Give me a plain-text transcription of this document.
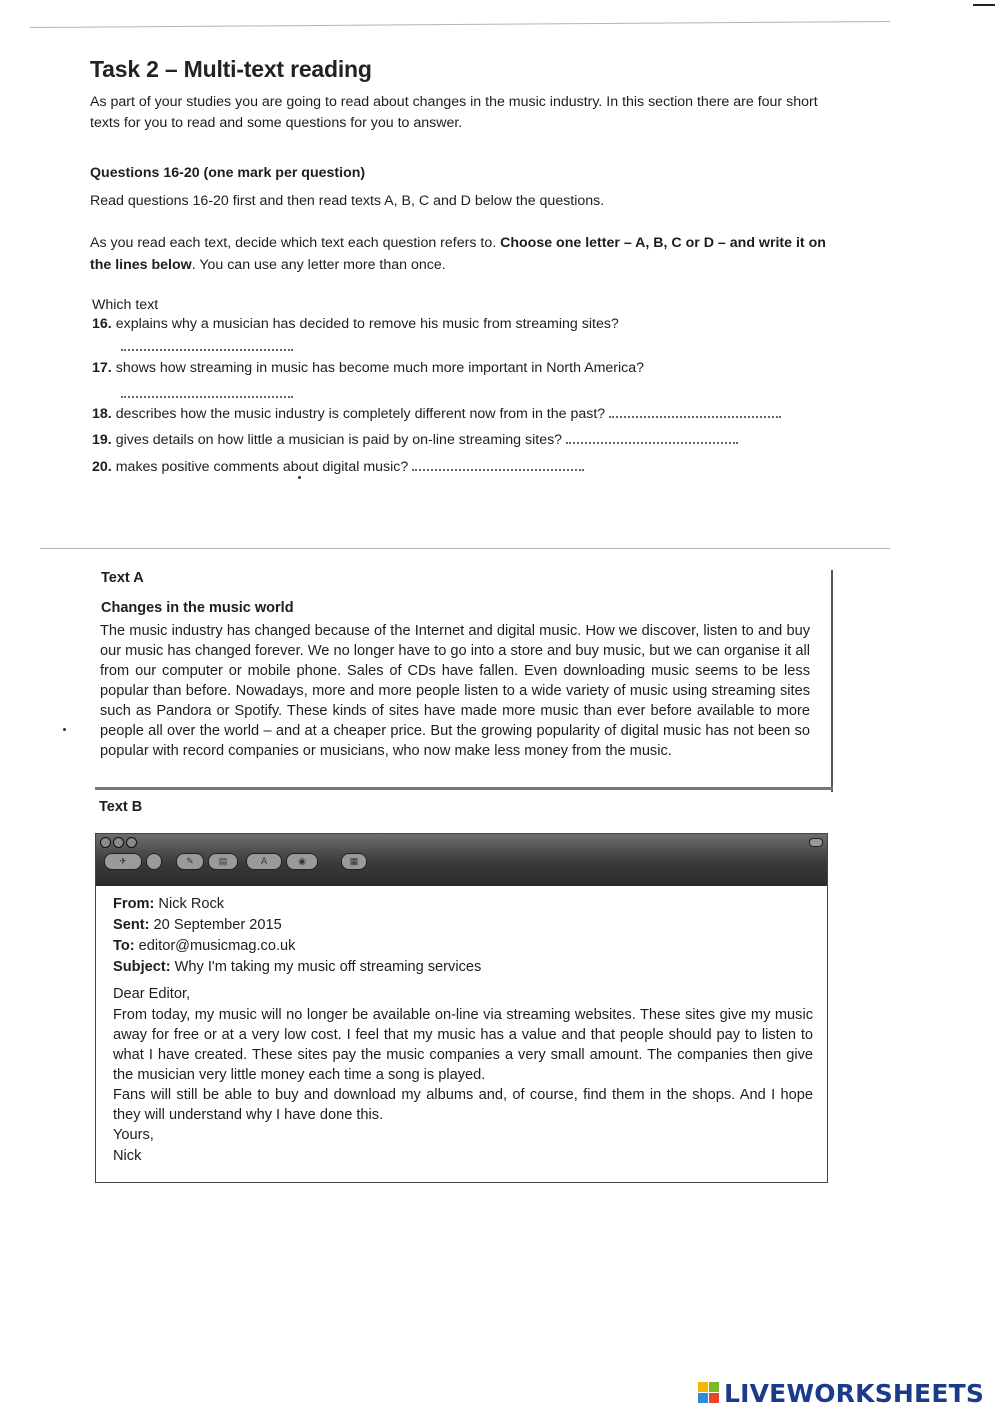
Task 2 – Multi-text reading
As part of your studies you are going to read about changes in the music industry. In this section there are four short texts for you to read and some questions for you to answer.
Questions 16-20 (one mark per question)
Read questions 16-20 first and then read texts A, B, C and D below the questions.
As you read each text, decide which text each question refers to. Choose one letter – A, B, C or D – and write it on the lines below. You can use any letter more than once.
Which text
16. explains why a musician has decided to remove his music from streaming sites?
17. shows how streaming in music has become much more important in North America?
18. describes how the music industry is completely different now from in the past?
19. gives details on how little a musician is paid by on-line streaming sites?
20. makes positive comments about digital music?
Text A
Changes in the music world
The music industry has changed because of the Internet and digital music. How we discover, listen to and buy our music has changed forever. We no longer have to go into a store and buy music, but we can organise it all from our computer or mobile phone. Sales of CDs have fallen. Even downloading music seems to be less popular than before. Nowadays, more and more people listen to a wide variety of music using streaming sites such as Pandora or Spotify. These kinds of sites have made more music than ever before available to more people all over the world – and at a cheaper price. But the growing popularity of digital music has not been so popular with record companies or musicians, who now make less money from the music.
Text B
✈	✎	▤	A	◉	▦

From: Nick Rock

Sent: 20 September 2015

To: editor@musicmag.co.uk

Subject: Why I'm taking my music off streaming services

Dear Editor,

From today, my music will no longer be available on-line via streaming websites. These sites give my music away for free or at a very low cost. I feel that my music has a value and that people should pay to listen to what I have created. These sites pay the music companies a very small amount. The companies then give the musician very little money each time a song is played.

Fans will still be able to buy and download my albums and, of course, find them in the shops. And I hope they will understand why I have done this.

Yours,

Nick

LIVEWORKSHEETS
